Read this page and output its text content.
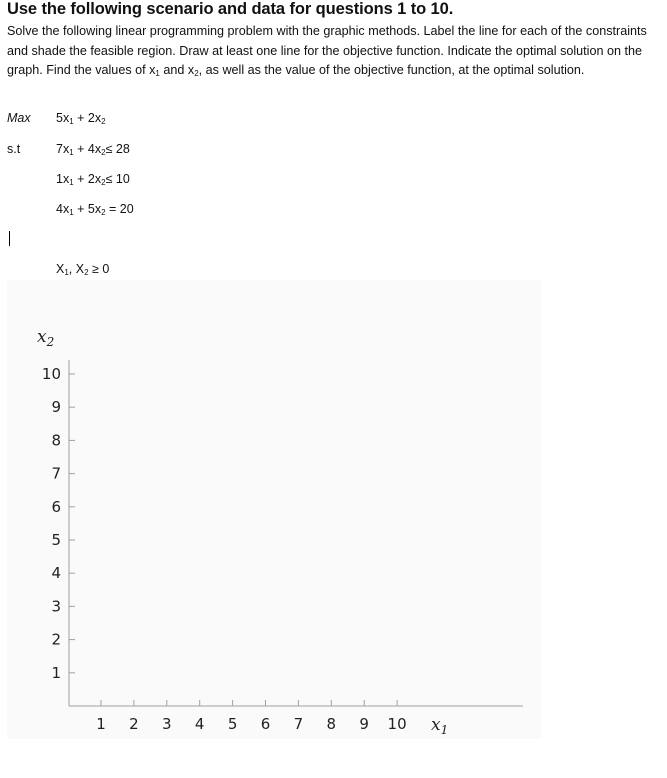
Use the following scenario and data for questions 1 to 10.
Solve the following linear programming problem with the graphic methods. Label the line for each of the constraints and shade the feasible region. Draw at least one line for the objective function. Indicate the optimal solution on the graph. Find the values of $x_1$ and $x_2$, as well as the value of the objective function, at the optimal solution.
Max $5x_1 + 2x_2$
s.t	$7x_1 + 4x_2\le 28$
$1x_1 + 2x_2\le 10$
$4x_1 + 5x_2 = 20$
$X_1$, $X_2 \ge 0$
$x_2$
$x_1$
10
9
8
7
6
5
4
3
2
1
1 2 3 4 5 6 7 8 9 10
